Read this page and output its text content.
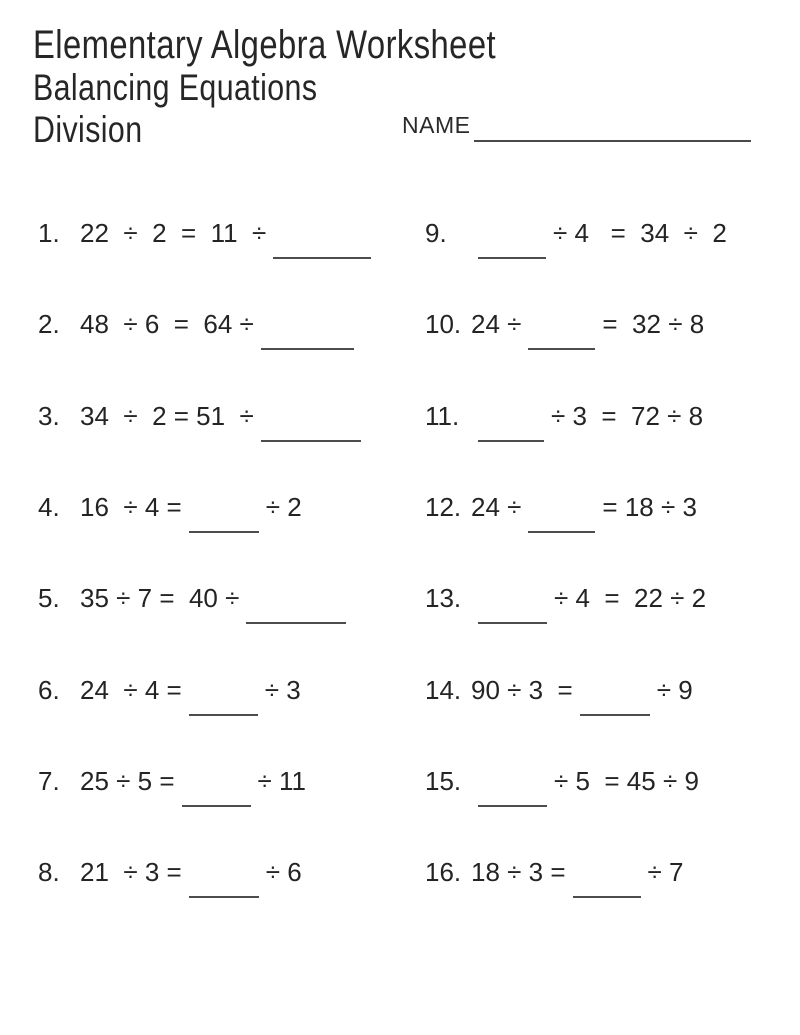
Elementary Algebra Worksheet
Balancing Equations
Division	NAME
1. 22  ÷  2  =  11  ÷
2. 48  ÷ 6  =  64 ÷
3. 34  ÷  2 = 51  ÷
4. 16  ÷ 4 =	÷ 2
5. 35 ÷ 7 =  40 ÷
6. 24  ÷ 4 =	÷ 3
7. 25 ÷ 5 =	÷ 11
8. 21  ÷ 3 =	÷ 6
9.	÷ 4   =  34  ÷  2
10. 24 ÷	=  32 ÷ 8
11.	÷ 3  =  72 ÷ 8
12. 24 ÷	= 18 ÷ 3
13.	÷ 4  =  22 ÷ 2
14. 90 ÷ 3  =	÷ 9
15.	÷ 5  = 45 ÷ 9
16. 18 ÷ 3 =	÷ 7
